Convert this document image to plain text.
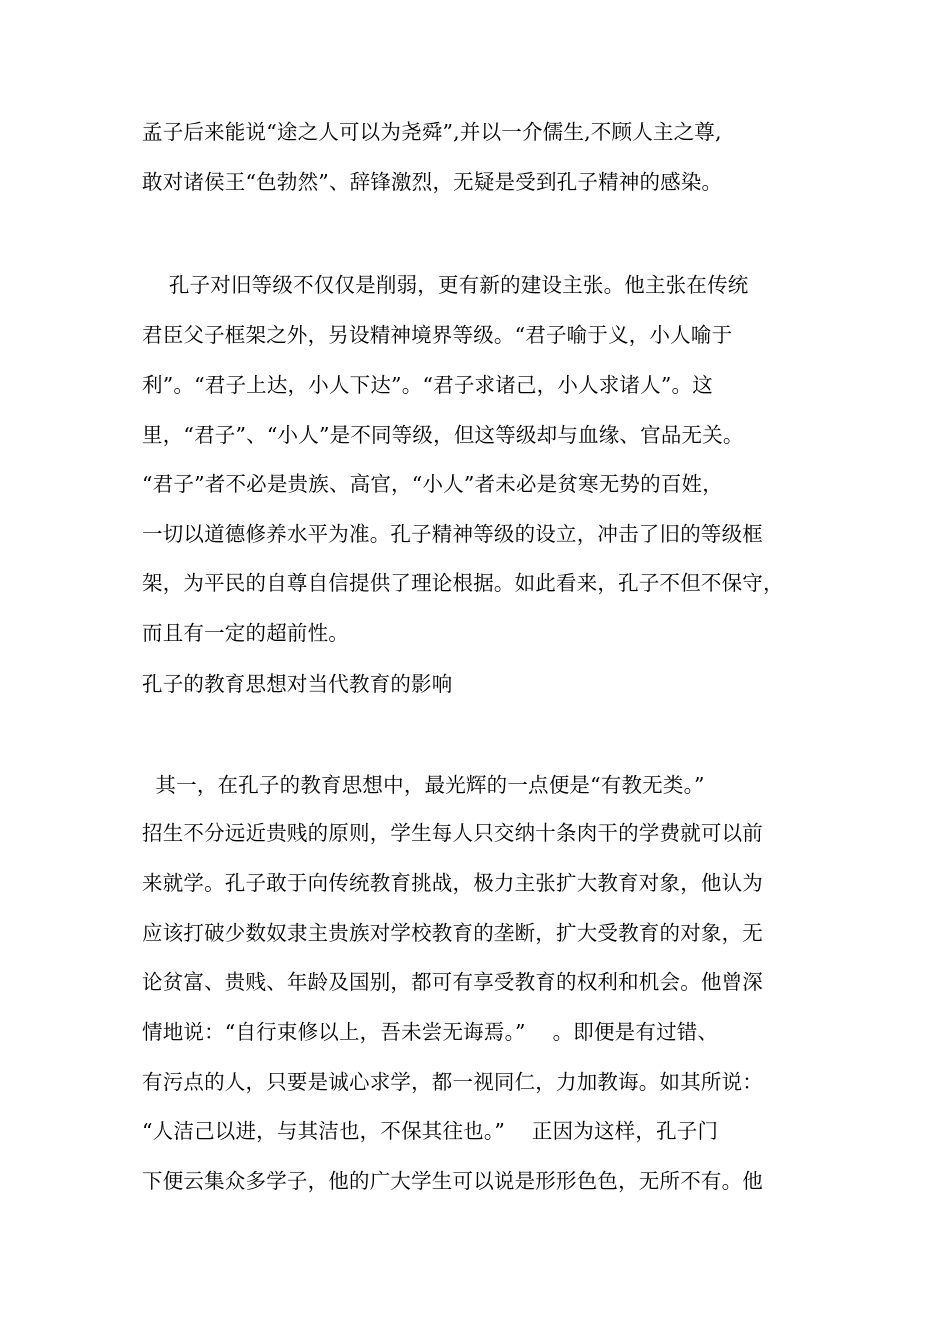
孟子后来能说“途之人可以为尧舜”,并以一介儒生,不顾人主之尊,
敢对诸侯王“色勃然”、辞锋激烈，无疑是受到孔子精神的感染。
孔子对旧等级不仅仅是削弱，更有新的建设主张。他主张在传统
君臣父子框架之外，另设精神境界等级。“君子喻于义，小人喻于
利”。“君子上达，小人下达”。“君子求诸己，小人求诸人”。这
里，“君子”、“小人”是不同等级，但这等级却与血缘、官品无关。
“君子”者不必是贵族、高官，“小人”者未必是贫寒无势的百姓，
一切以道德修养水平为准。孔子精神等级的设立，冲击了旧的等级框
架，为平民的自尊自信提供了理论根据。如此看来，孔子不但不保守，
而且有一定的超前性。
孔子的教育思想对当代教育的影响
其一，在孔子的教育思想中，最光辉的一点便是“有教无类。”
招生不分远近贵贱的原则，学生每人只交纳十条肉干的学费就可以前
来就学。孔子敢于向传统教育挑战，极力主张扩大教育对象，他认为
应该打破少数奴隶主贵族对学校教育的垄断，扩大受教育的对象，无
论贫富、贵贱、年龄及国别，都可有享受教育的权利和机会。他曾深
情地说：“自行束修以上，吾未尝无诲焉。”    。即便是有过错、
有污点的人，只要是诚心求学，都一视同仁，力加教诲。如其所说：
“人洁己以进，与其洁也，不保其往也。”    正因为这样，孔子门
下便云集众多学子，他的广大学生可以说是形形色色，无所不有。他
